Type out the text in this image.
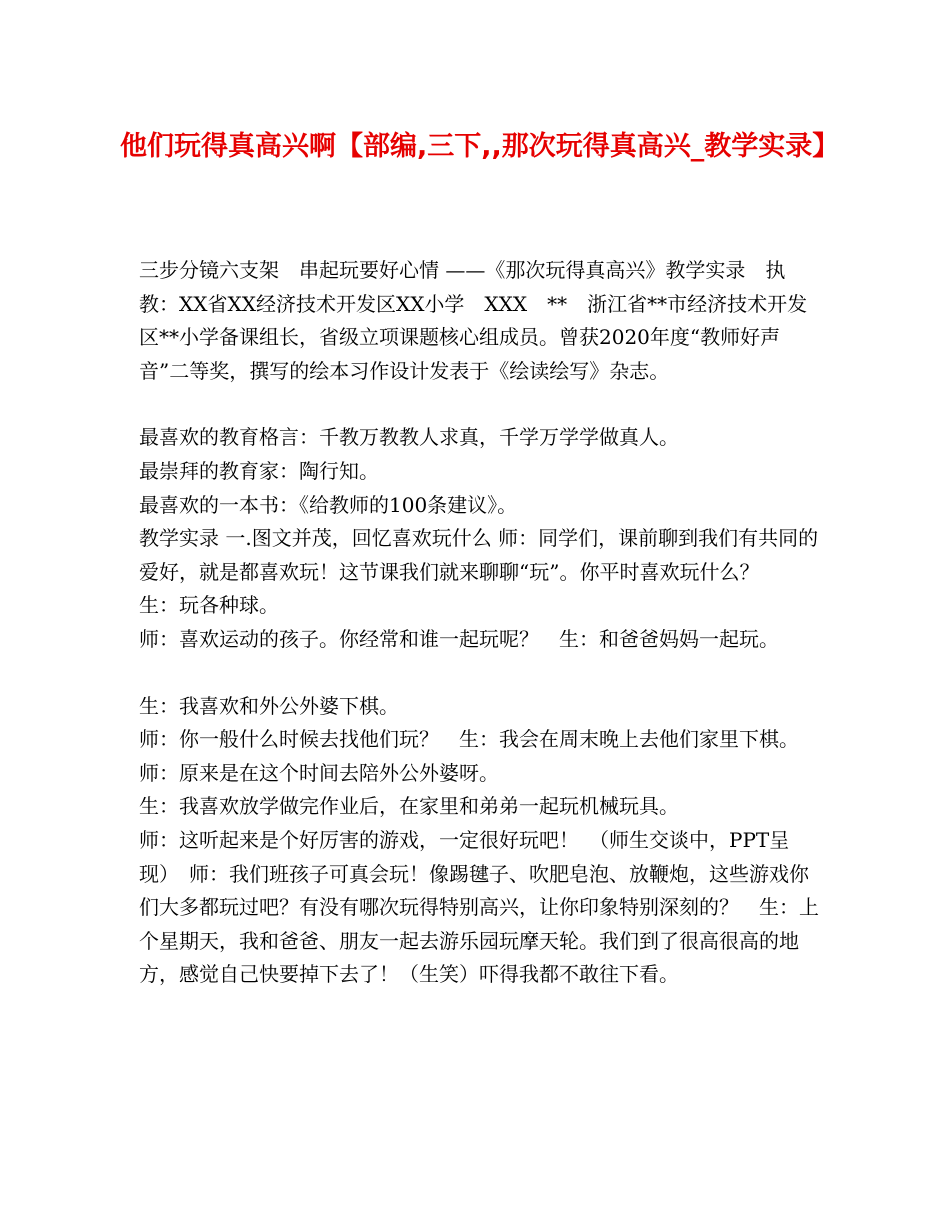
他们玩得真高兴啊【部编,三下,,那次玩得真高兴_教学实录】

三步分镜六支架　串起玩要好心情 ——《那次玩得真高兴》教学实录　执教：XX省XX经济技术开发区XX小学　XXX　**　浙江省**市经济技术开发区**小学备课组长，省级立项课题核心组成员。曾获2020年度“教师好声音”二等奖，撰写的绘本习作设计发表于《绘读绘写》杂志。

最喜欢的教育格言：千教万教教人求真，千学万学学做真人。

最崇拜的教育家：陶行知。

最喜欢的一本书：《给教师的100条建议》。

教学实录 一.图文并茂，回忆喜欢玩什么 师：同学们，课前聊到我们有共同的爱好，就是都喜欢玩！这节课我们就来聊聊“玩”。你平时喜欢玩什么？　生：玩各种球。

师：喜欢运动的孩子。你经常和谁一起玩呢？　生：和爸爸妈妈一起玩。

生：我喜欢和外公外婆下棋。

师：你一般什么时候去找他们玩？　生：我会在周末晚上去他们家里下棋。

师：原来是在这个时间去陪外公外婆呀。

生：我喜欢放学做完作业后，在家里和弟弟一起玩机械玩具。

师：这听起来是个好厉害的游戏，一定很好玩吧！　（师生交谈中，PPT呈现）　师：我们班孩子可真会玩！像踢毽子、吹肥皂泡、放鞭炮，这些游戏你们大多都玩过吧？有没有哪次玩得特别高兴，让你印象特别深刻的？　生：上个星期天，我和爸爸、朋友一起去游乐园玩摩天轮。我们到了很高很高的地方，感觉自己快要掉下去了！（生笑）吓得我都不敢往下看。
